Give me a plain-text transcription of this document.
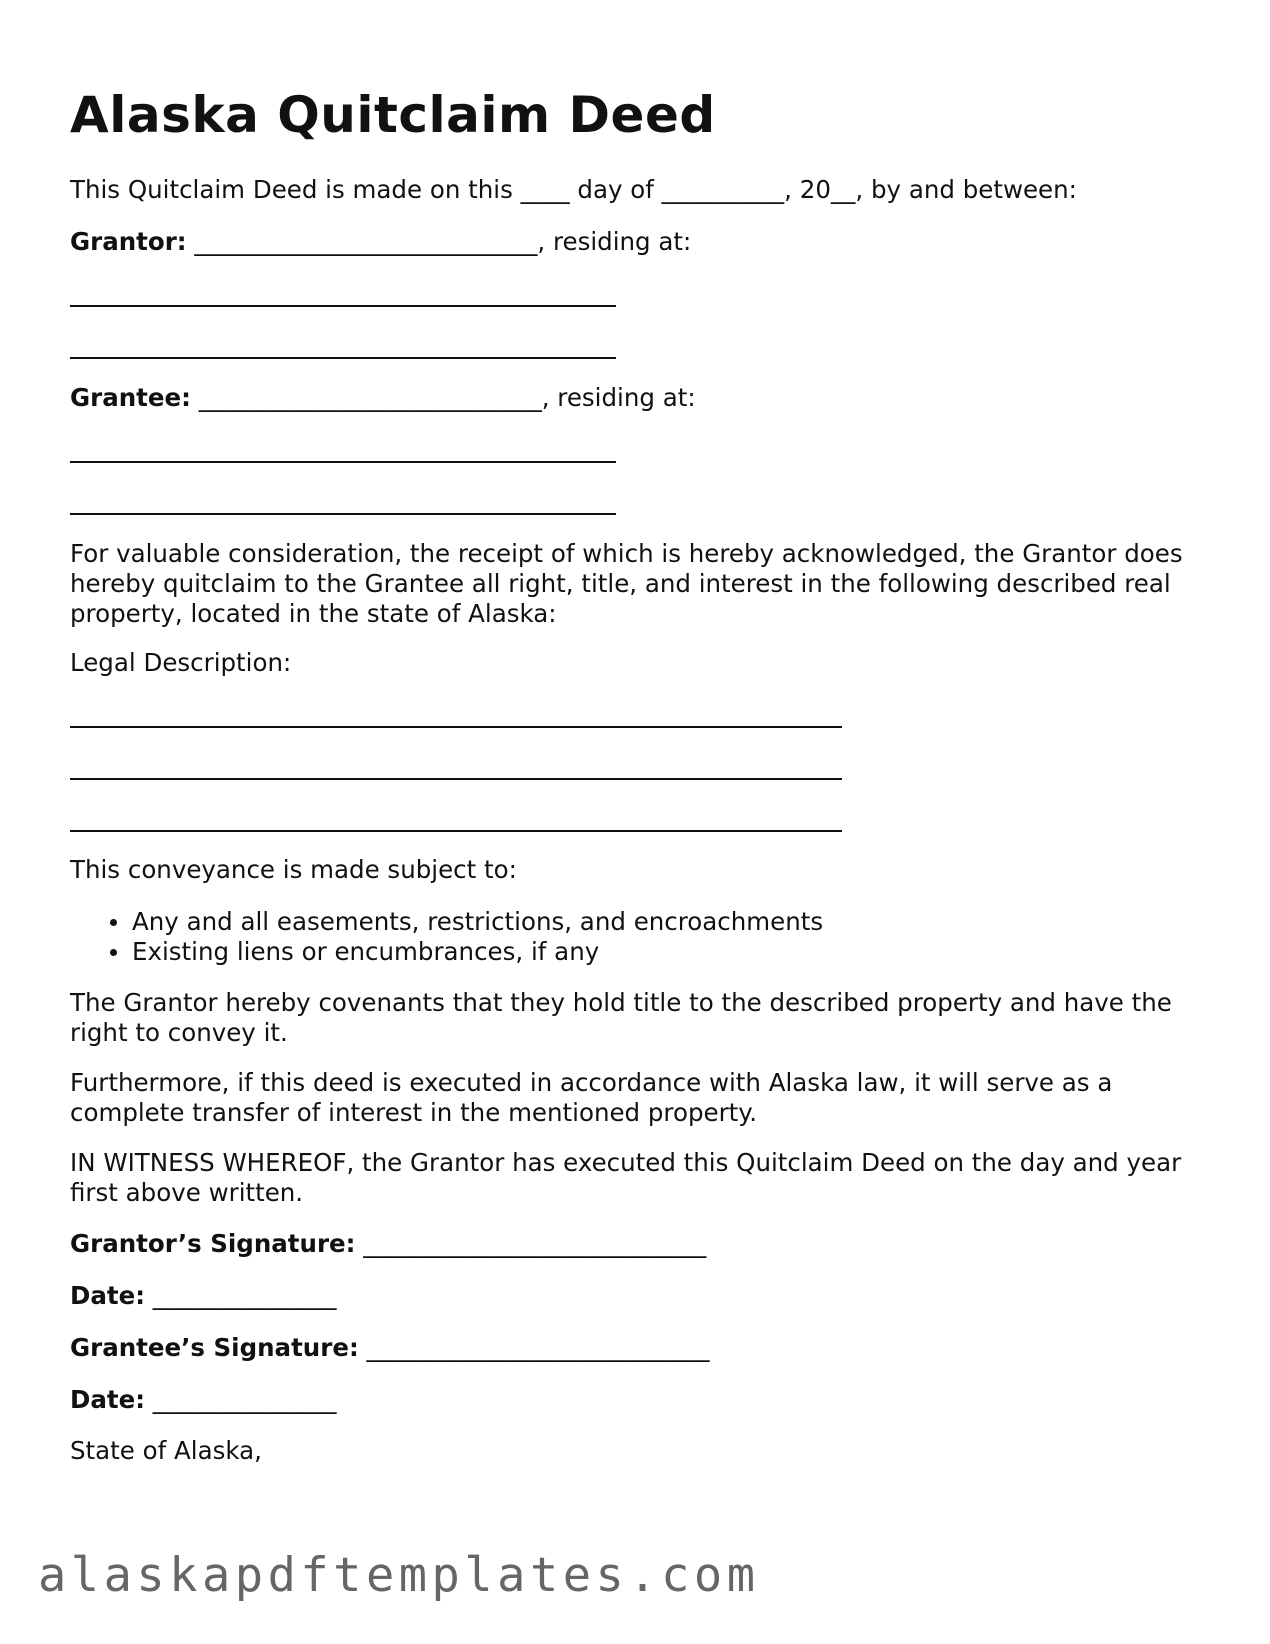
Alaska Quitclaim Deed
This Quitclaim Deed is made on this ____ day of __________, 20__, by and between:
Grantor: ____________________________, residing at:
Grantee: ____________________________, residing at:
For valuable consideration, the receipt of which is hereby acknowledged, the Grantor does hereby quitclaim to the Grantee all right, title, and interest in the following described real property, located in the state of Alaska:
Legal Description:
This conveyance is made subject to:
Any and all easements, restrictions, and encroachments
Existing liens or encumbrances, if any
The Grantor hereby covenants that they hold title to the described property and have the right to convey it.
Furthermore, if this deed is executed in accordance with Alaska law, it will serve as a complete transfer of interest in the mentioned property.
IN WITNESS WHEREOF, the Grantor has executed this Quitclaim Deed on the day and year first above written.
Grantor’s Signature: ____________________________
Date: _______________
Grantee’s Signature: ____________________________
Date: _______________
State of Alaska,
alaskapdftemplates.com
